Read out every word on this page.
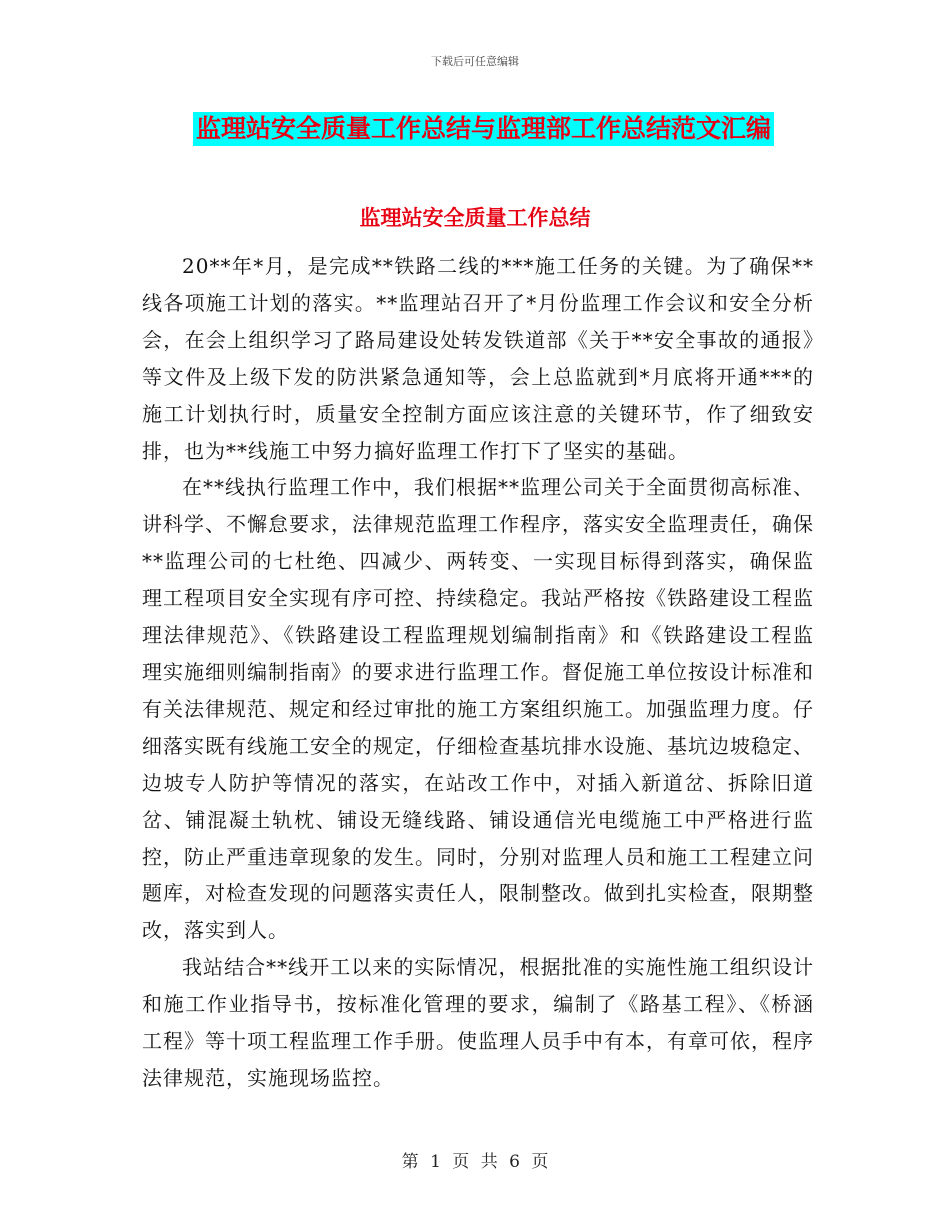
下载后可任意编辑
监理站安全质量工作总结与监理部工作总结范文汇编
监理站安全质量工作总结

20**年*月，是完成**铁路二线的***施工任务的关键。为了确保**线各项施工计划的落实。**监理站召开了*月份监理工作会议和安全分析会，在会上组织学习了路局建设处转发铁道部《关于**安全事故的通报》等文件及上级下发的防洪紧急通知等，会上总监就到*月底将开通***的施工计划执行时，质量安全控制方面应该注意的关键环节，作了细致安排，也为**线施工中努力搞好监理工作打下了坚实的基础。

在**线执行监理工作中，我们根据**监理公司关于全面贯彻高标准、讲科学、不懈怠要求，法律规范监理工作程序，落实安全监理责任，确保**监理公司的七杜绝、四减少、两转变、一实现目标得到落实，确保监理工程项目安全实现有序可控、持续稳定。我站严格按《铁路建设工程监理法律规范》、《铁路建设工程监理规划编制指南》和《铁路建设工程监理实施细则编制指南》的要求进行监理工作。督促施工单位按设计标准和有关法律规范、规定和经过审批的施工方案组织施工。加强监理力度。仔细落实既有线施工安全的规定，仔细检查基坑排水设施、基坑边坡稳定、边坡专人防护等情况的落实，在站改工作中，对插入新道岔、拆除旧道岔、铺混凝土轨枕、铺设无缝线路、铺设通信光电缆施工中严格进行监控，防止严重违章现象的发生。同时，分别对监理人员和施工工程建立问题库，对检查发现的问题落实责任人，限制整改。做到扎实检查，限期整改，落实到人。

我站结合**线开工以来的实际情况，根据批准的实施性施工组织设计和施工作业指导书，按标准化管理的要求，编制了《路基工程》、《桥涵工程》等十项工程监理工作手册。使监理人员手中有本，有章可依，程序法律规范，实施现场监控。

第 1 页 共 6 页
